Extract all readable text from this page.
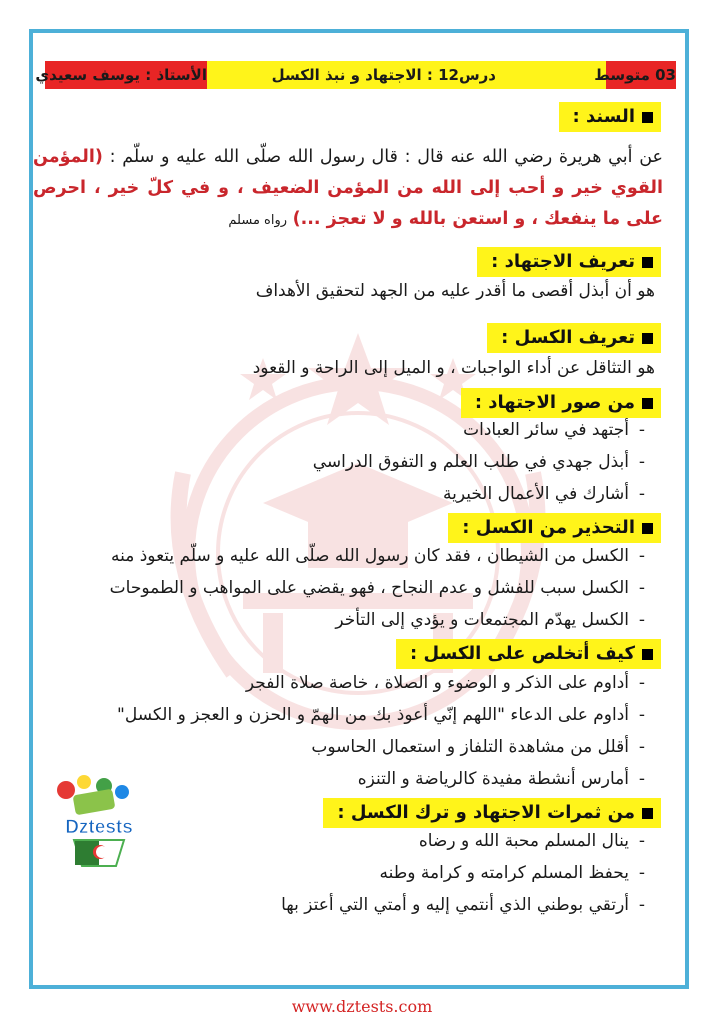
03 متوسط
درس12 : الاجتهاد و نبذ الكسل
الأستاذ : يوسف سعيدي
السند :
عن أبي هريرة رضي الله عنه قال : قال رسول الله صلّى الله عليه و سلّم : (المؤمن القوي خير و أحب إلى الله من المؤمن الضعيف ، و في كلّ خير ، احرص على ما ينفعك ، و استعن بالله و لا تعجز ...) رواه مسلم
تعريف الاجتهاد :
هو أن أبذل أقصى ما أقدر عليه من الجهد لتحقيق الأهداف
تعريف الكسل :
هو التثاقل عن أداء الواجبات ، و الميل إلى الراحة و القعود
من صور الاجتهاد :
-أجتهد في سائر العبادات
-أبذل جهدي في طلب العلم و التفوق الدراسي
-أشارك في الأعمال الخيرية
التحذير من الكسل :
-الكسل من الشيطان ، فقد كان رسول الله صلّى الله عليه و سلّم يتعوذ منه
-الكسل سبب للفشل و عدم النجاح ، فهو يقضي على المواهب و الطموحات
-الكسل يهدّم المجتمعات و يؤدي إلى التأخر
كيف أتخلص على الكسل :
-أداوم على الذكر و الوضوء و الصلاة ، خاصة صلاة الفجر
-أداوم على الدعاء "اللهم إنّي أعوذ بك من الهمّ و الحزن و العجز و الكسل"
-أقلل من مشاهدة التلفاز و استعمال الحاسوب
-أمارس أنشطة مفيدة كالرياضة و التنزه
من ثمرات الاجتهاد و ترك الكسل :
-ينال المسلم محبة الله و رضاه
-يحفظ المسلم كرامته و كرامة وطنه
-أرتقي بوطني الذي أنتمي إليه و أمتي التي أعتز بها
Dztests
www.dztests.com
